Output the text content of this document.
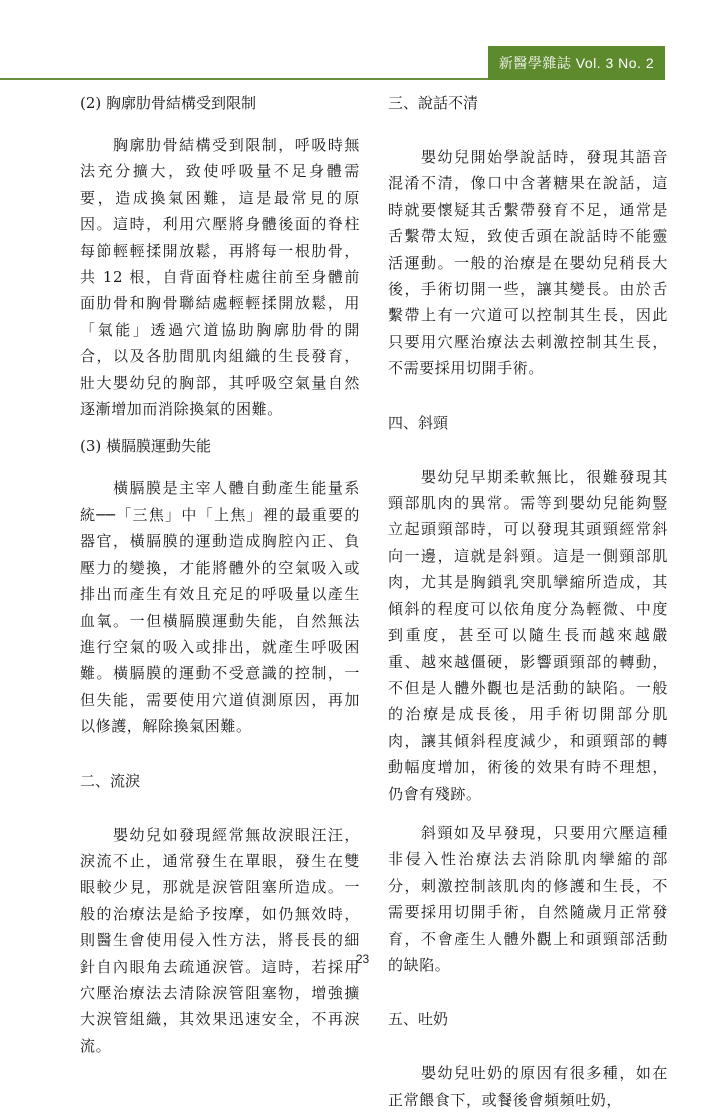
新醫學雜誌 Vol. 3 No. 2

(2) 胸廓肋骨結構受到限制

胸廓肋骨結構受到限制，呼吸時無法充分擴大，致使呼吸量不足身體需要，造成換氣困難，這是最常見的原因。這時，利用穴壓將身體後面的脊柱每節輕輕揉開放鬆，再將每一根肋骨，共 12 根，自背面脊柱處往前至身體前面肋骨和胸骨聯結處輕輕揉開放鬆，用「氣能」透過穴道協助胸廓肋骨的開合，以及各肋間肌肉組織的生長發育，壯大嬰幼兒的胸部，其呼吸空氣量自然逐漸增加而消除換氣的困難。

(3) 橫膈膜運動失能

橫膈膜是主宰人體自動產生能量系統──「三焦」中「上焦」裡的最重要的器官，橫膈膜的運動造成胸腔內正、負壓力的變換，才能將體外的空氣吸入或排出而產生有效且充足的呼吸量以產生血氧。一但橫膈膜運動失能，自然無法進行空氣的吸入或排出，就產生呼吸困難。橫膈膜的運動不受意識的控制，一但失能，需要使用穴道偵測原因，再加以修護，解除換氣困難。

二、流淚

嬰幼兒如發現經常無故淚眼汪汪，淚流不止，通常發生在單眼，發生在雙眼較少見，那就是淚管阻塞所造成。一般的治療法是給予按摩，如仍無效時，則醫生會使用侵入性方法，將長長的細針自內眼角去疏通淚管。這時，若採用穴壓治療法去清除淚管阻塞物，增強擴大淚管組織，其效果迅速安全，不再淚流。

三、說話不清

嬰幼兒開始學說話時，發現其語音混淆不清，像口中含著糖果在說話，這時就要懷疑其舌繫帶發育不足，通常是舌繫帶太短，致使舌頭在說話時不能靈活運動。一般的治療是在嬰幼兒稍長大後，手術切開一些，讓其變長。由於舌繫帶上有一穴道可以控制其生長，因此只要用穴壓治療法去刺激控制其生長，不需要採用切開手術。

四、斜頸

嬰幼兒早期柔軟無比，很難發現其頸部肌肉的異常。需等到嬰幼兒能夠豎立起頭頸部時，可以發現其頭頸經常斜向一邊，這就是斜頸。這是一側頸部肌肉，尤其是胸鎖乳突肌攣縮所造成，其傾斜的程度可以依角度分為輕微、中度到重度，甚至可以隨生長而越來越嚴重、越來越僵硬，影響頭頸部的轉動，不但是人體外觀也是活動的缺陷。一般的治療是成長後，用手術切開部分肌肉，讓其傾斜程度減少，和頭頸部的轉動幅度增加，術後的效果有時不理想，仍會有殘跡。

斜頸如及早發現，只要用穴壓這種非侵入性治療法去消除肌肉攣縮的部分，刺激控制該肌肉的修護和生長，不需要採用切開手術，自然隨歲月正常發育，不會產生人體外觀上和頭頸部活動的缺陷。

五、吐奶

嬰幼兒吐奶的原因有很多種，如在正常餵食下，或餐後會頻頻吐奶，

23
